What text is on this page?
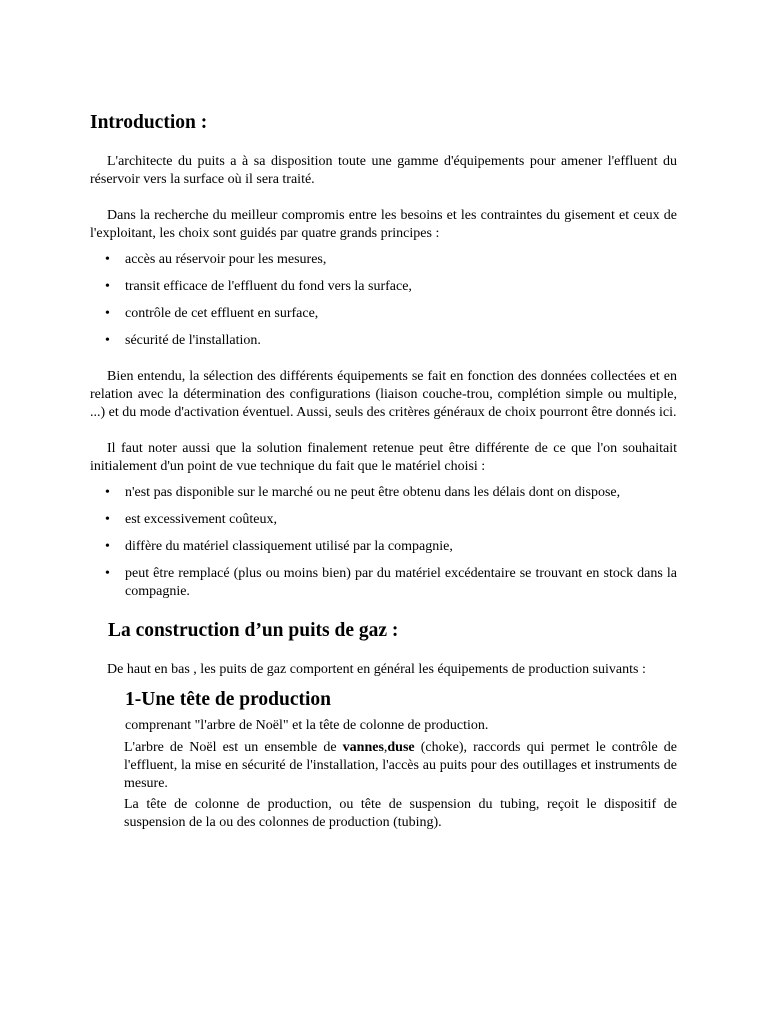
Introduction :

L'architecte du puits a à sa disposition toute une gamme d'équipements pour amener l'effluent du réservoir vers la surface où il sera traité.

Dans la recherche du meilleur compromis entre les besoins et les contraintes du gisement et ceux de l'exploitant, les choix sont guidés par quatre grands principes :

• accès au réservoir pour les mesures,
• transit efficace de l'effluent du fond vers la surface,
• contrôle de cet effluent en surface,
• sécurité de l'installation.

Bien entendu, la sélection des différents équipements se fait en fonction des données collectées et en relation avec la détermination des configurations (liaison couche-trou, complétion simple ou multiple, ...) et du mode d'activation éventuel. Aussi, seuls des critères généraux de choix pourront être donnés ici.

Il faut noter aussi que la solution finalement retenue peut être différente de ce que l'on souhaitait initialement d'un point de vue technique du fait que le matériel choisi :

• n'est pas disponible sur le marché ou ne peut être obtenu dans les délais dont on dispose,
• est excessivement coûteux,
• diffère du matériel classiquement utilisé par la compagnie,
• peut être remplacé (plus ou moins bien) par du matériel excédentaire se trouvant en stock dans la compagnie.
La construction d’un puits de gaz :

De haut en bas , les puits de gaz comportent en général les équipements de production suivants :

1-Une tête de production

comprenant "l'arbre de Noël" et la tête de colonne de production.

L'arbre de Noël est un ensemble de vannes,duse (choke), raccords qui permet le contrôle de l'effluent, la mise en sécurité de l'installation, l'accès au puits pour des outillages et instruments de mesure.

La tête de colonne de production, ou tête de suspension du tubing, reçoit le dispositif de suspension de la ou des colonnes de production (tubing).
